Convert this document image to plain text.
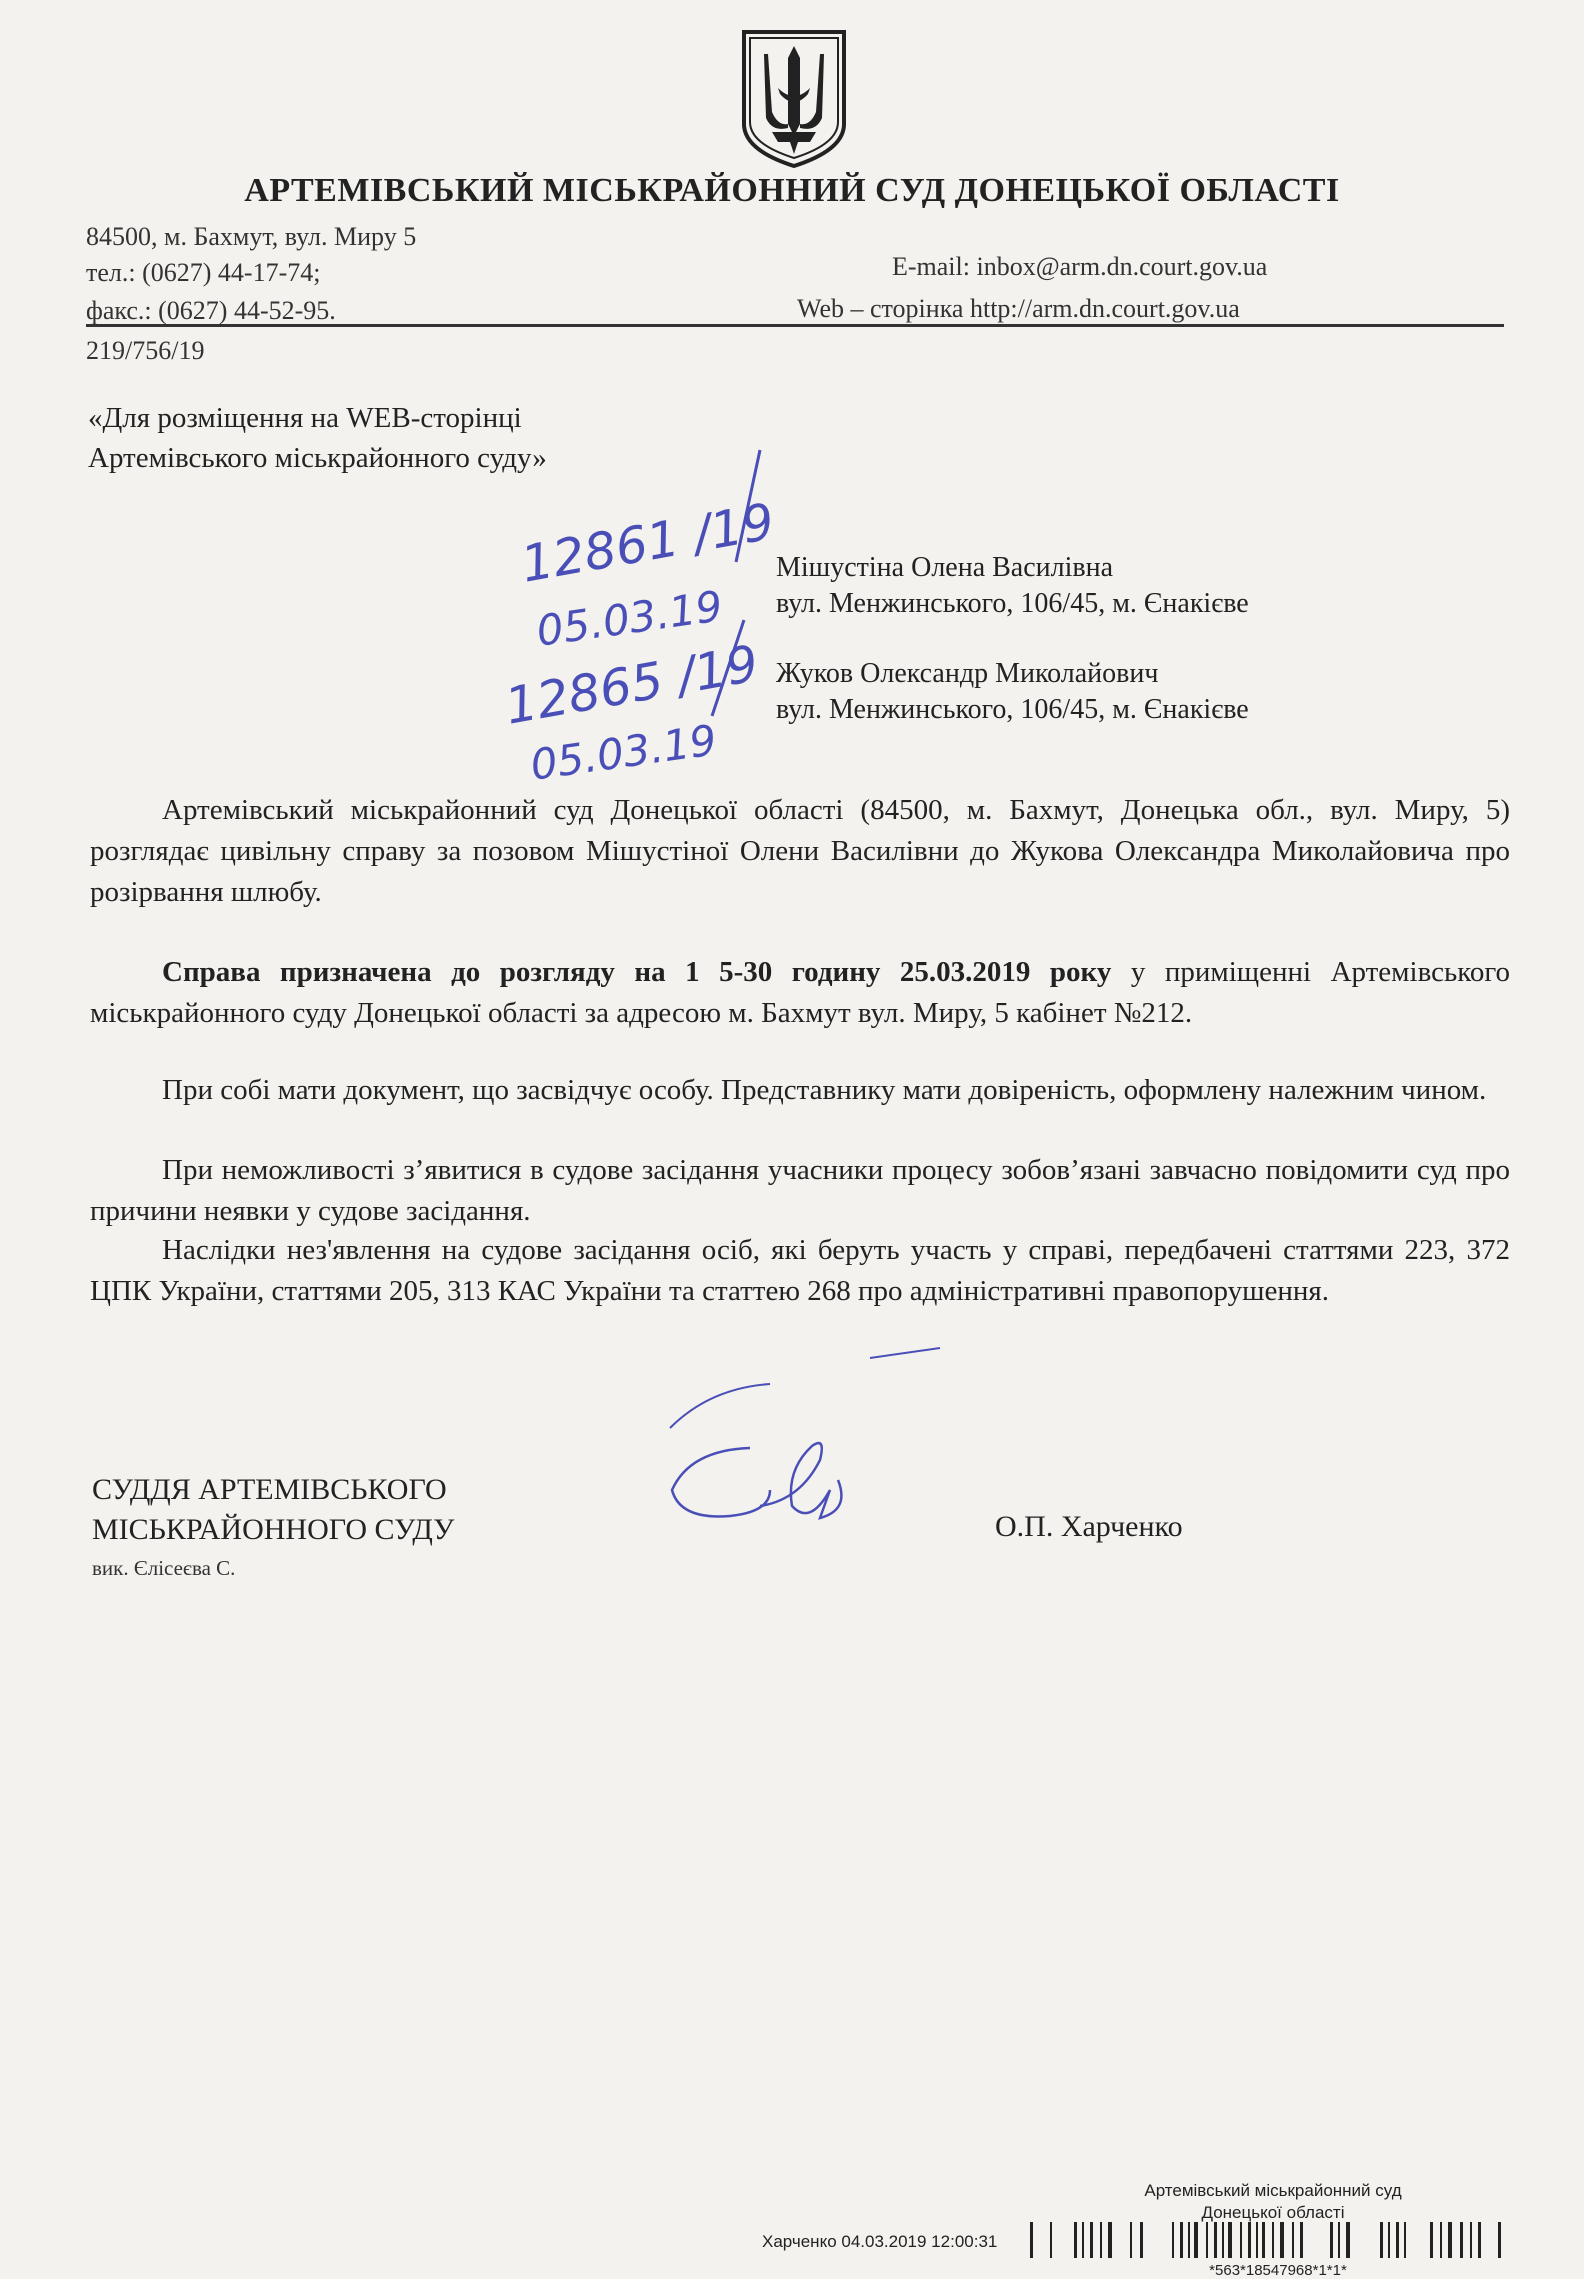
АРТЕМІВСЬКИЙ МІСЬКРАЙОННИЙ СУД ДОНЕЦЬКОЇ ОБЛАСТІ
84500, м. Бахмут, вул. Миру 5
тел.: (0627) 44-17-74;
факс.: (0627) 44-52-95.
E-mail: inbox@arm.dn.court.gov.ua
Web – сторінка http://arm.dn.court.gov.ua
219/756/19
«Для розміщення на WEB-сторінці
Артемівського міськрайонного суду»
12861 /19
05.03.19
12865 /19
05.03.19
Мішустіна Олена Василівна
вул. Менжинського, 106/45, м. Єнакієве
Жуков Олександр Миколайович
вул. Менжинського, 106/45, м. Єнакієве
Артемівський міськрайонний суд Донецької області (84500, м. Бахмут, Донецька обл., вул. Миру, 5) розглядає цивільну справу за позовом Мішустіної Олени Василівни до Жукова Олександра Миколайовича про розірвання шлюбу.
Справа призначена до розгляду на 1 5-30 годину 25.03.2019 року у приміщенні Артемівського міськрайонного суду Донецької області за адресою м. Бахмут вул. Миру, 5 кабінет №212.
При собі мати документ, що засвідчує особу. Представнику мати довіреність, оформлену належним чином.
При неможливості з’явитися в судове засідання учасники процесу зобов’язані завчасно повідомити суд про причини неявки у судове засідання.
Наслідки нез'явлення на судове засідання осіб, які беруть участь у справі, передбачені статтями 223, 372 ЦПК України, статтями 205, 313 КАС України та статтею 268 про адміністративні правопорушення.
СУДДЯ АРТЕМІВСЬКОГО
МІСЬКРАЙОННОГО СУДУ
вик. Єлісеєва С.
О.П. Харченко
Артемівський міськрайонний суд
Донецької області
Харченко 04.03.2019 12:00:31
*563*18547968*1*1*
